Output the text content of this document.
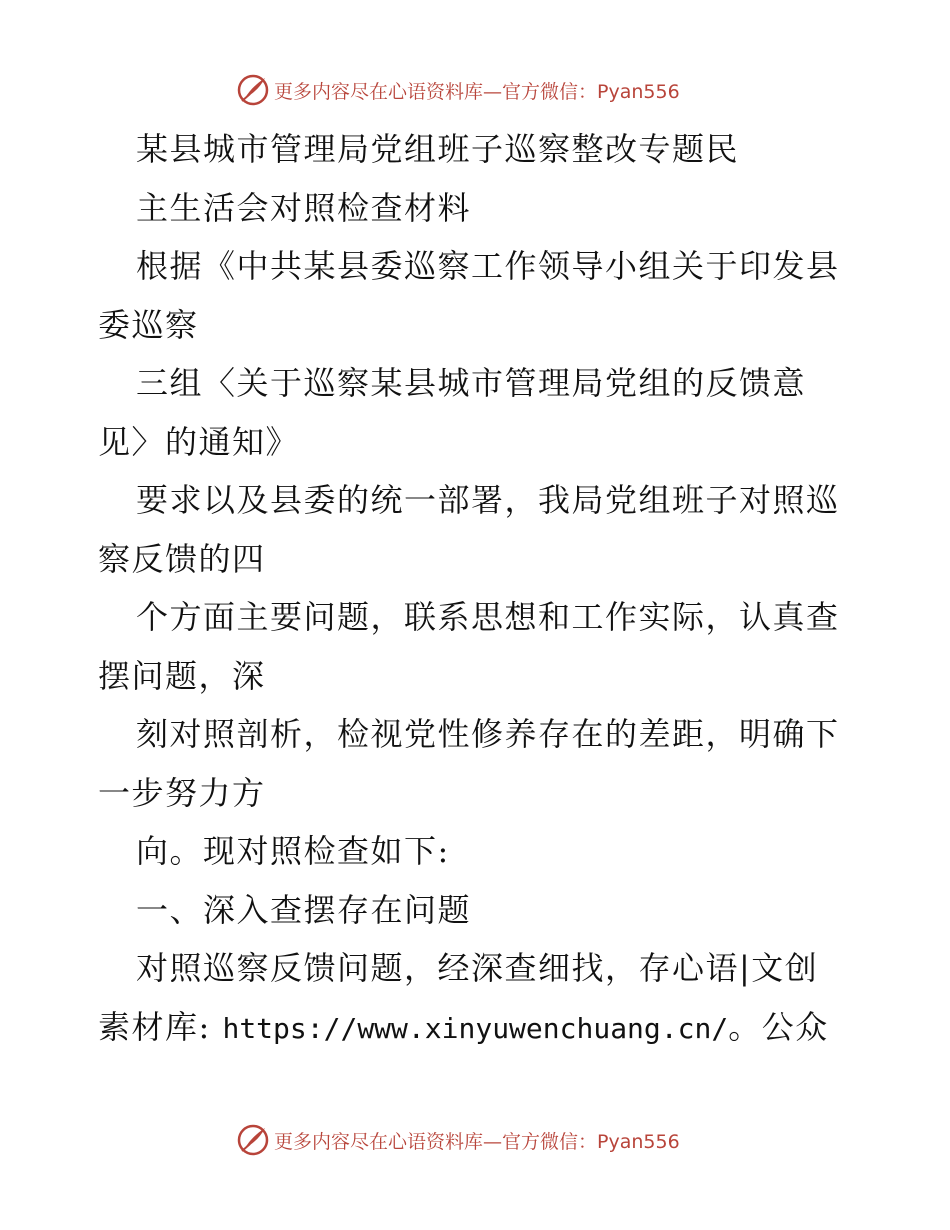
更多内容尽在心语资料库—官方微信：Pyan556
某县城市管理局党组班子巡察整改专题民
主生活会对照检查材料
根据《中共某县委巡察工作领导小组关于印发县
委巡察
三组〈关于巡察某县城市管理局党组的反馈意
见〉的通知》
要求以及县委的统一部署，我局党组班子对照巡
察反馈的四
个方面主要问题，联系思想和工作实际，认真查
摆问题，深
刻对照剖析，检视党性修养存在的差距，明确下
一步努力方
向。现对照检查如下:
一、深入查摆存在问题
对照巡察反馈问题，经深查细找，存心语|文创
素材库: https://www.xinyuwenchuang.cn/。公众
更多内容尽在心语资料库—官方微信：Pyan556
